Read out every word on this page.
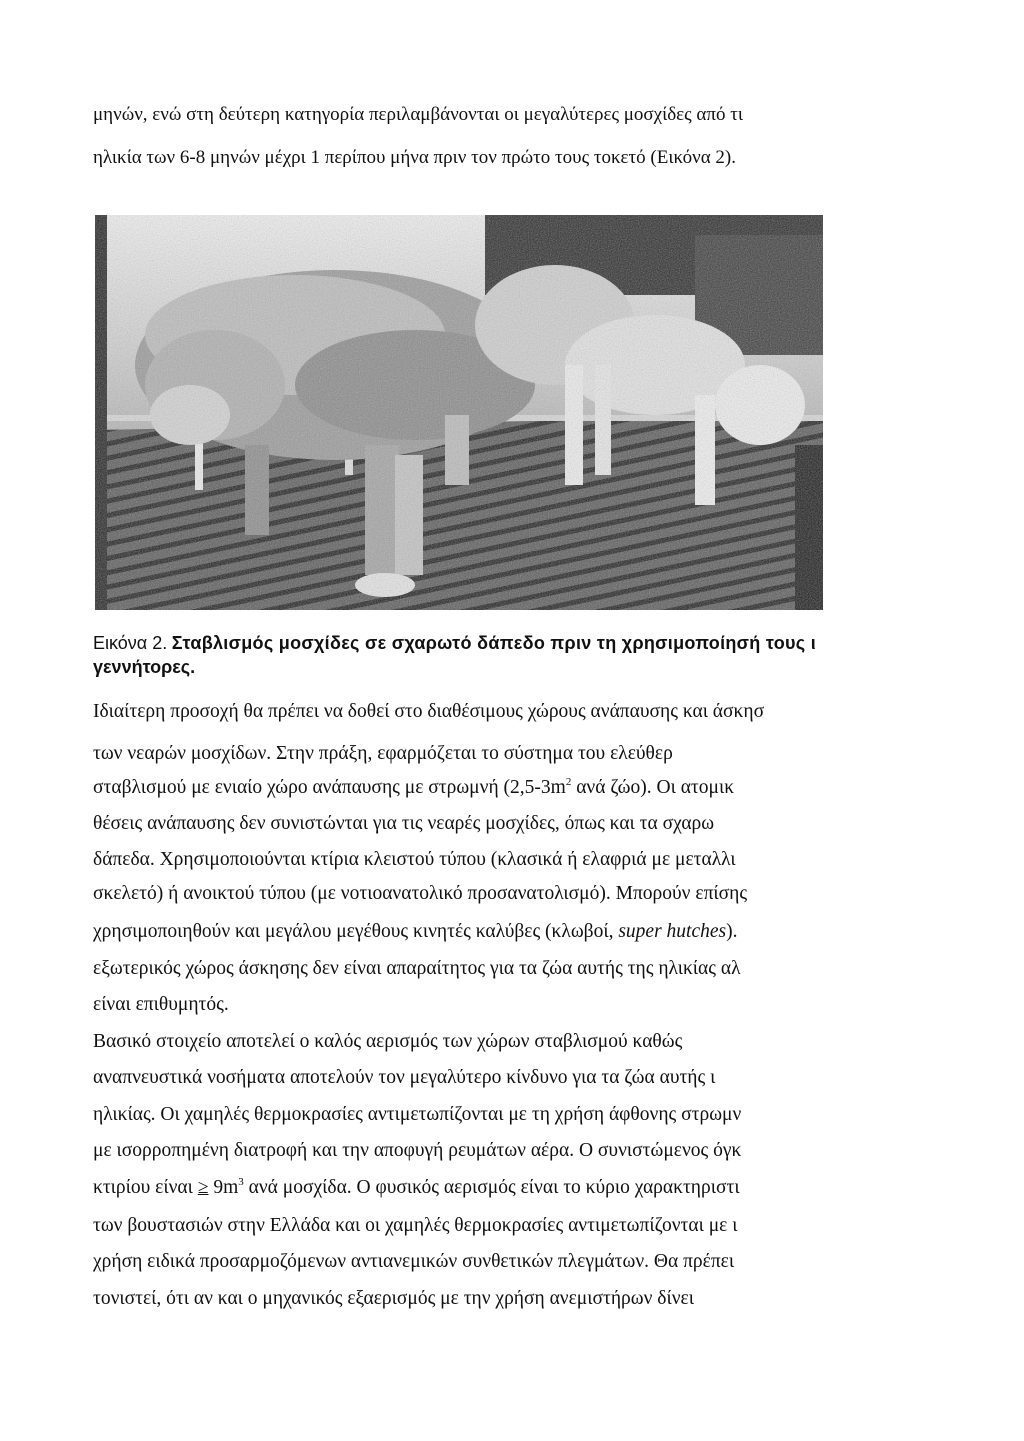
μηνών, ενώ στη δεύτερη κατηγορία περιλαμβάνονται οι μεγαλύτερες μοσχίδες από τι
ηλικία των 6-8 μηνών μέχρι 1 περίπου μήνα πριν τον πρώτο τους τοκετό (Εικόνα 2).
Εικόνα 2. Σταβλισμός μοσχίδες σε σχαρωτό δάπεδο πριν τη χρησιμοποίησή τους ι
γεννήτορες.
Ιδιαίτερη προσοχή θα πρέπει να δοθεί στο διαθέσιμους χώρους ανάπαυσης και άσκησ
των νεαρών μοσχίδων. Στην πράξη, εφαρμόζεται το σύστημα του ελεύθερ
σταβλισμού με ενιαίο χώρο ανάπαυσης με στρωμνή ($2,5-3m^2$ ανά ζώο). Οι ατομικ
θέσεις ανάπαυσης δεν συνιστώνται για τις νεαρές μοσχίδες, όπως και τα σχαρω
δάπεδα. Χρησιμοποιούνται κτίρια κλειστού τύπου (κλασικά ή ελαφριά με μεταλλι
σκελετό) ή ανοικτού τύπου (με νοτιοανατολικό προσανατολισμό). Μπορούν επίσης
χρησιμοποιηθούν και μεγάλου μεγέθους κινητές καλύβες (κλωβοί, super hutches).
εξωτερικός χώρος άσκησης δεν είναι απαραίτητος για τα ζώα αυτής της ηλικίας αλ
είναι επιθυμητός.
Βασικό στοιχείο αποτελεί ο καλός αερισμός των χώρων σταβλισμού καθώς
αναπνευστικά νοσήματα αποτελούν τον μεγαλύτερο κίνδυνο για τα ζώα αυτής ι
ηλικίας. Οι χαμηλές θερμοκρασίες αντιμετωπίζονται με τη χρήση άφθονης στρωμν
με ισορροπημένη διατροφή και την αποφυγή ρευμάτων αέρα. Ο συνιστώμενος όγκ
κτιρίου $\varepsilon ί\nu\alpha\iota \ge 9m^3$ ανά μοσχίδα. Ο φυσικός αερισμός είναι το κύριο χαρακτηριστι
των βουστασιών στην Ελλάδα και οι χαμηλές θερμοκρασίες αντιμετωπίζονται με ι
χρήση ειδικά προσαρμοζόμενων αντιανεμικών συνθετικών πλεγμάτων. Θα πρέπει
τονιστεί, ότι αν και ο μηχανικός εξαερισμός με την χρήση ανεμιστήρων δίνει
